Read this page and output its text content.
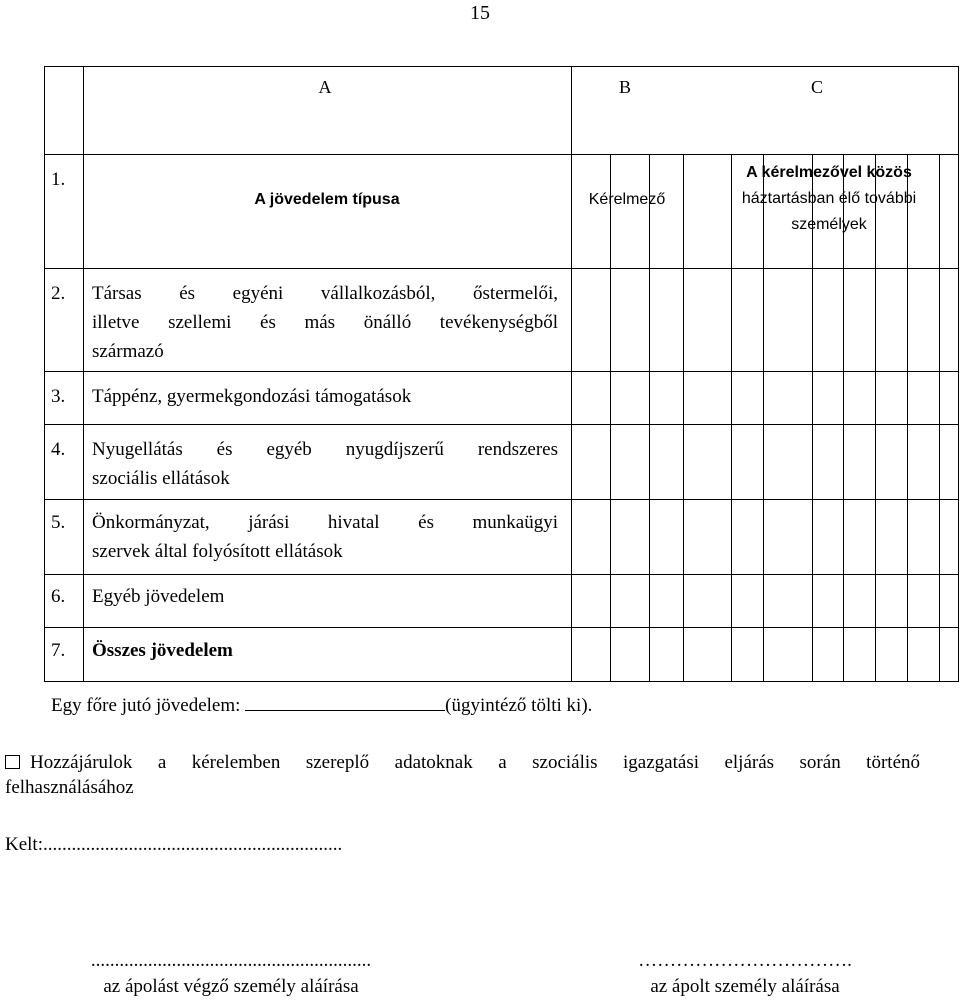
15
A	B	C
1.
A jövedelem típusa	Kérelmező
A kérelmezővel közös
háztartásban élő további
személyek
2. Társas és egyéni vállalkozásból, őstermelői,
illetve szellemi és más önálló tevékenységből
származó
3. Táppénz, gyermekgondozási támogatások
4. Nyugellátás és egyéb nyugdíjszerű rendszeres
szociális ellátások
5. Önkormányzat, járási hivatal és munkaügyi
szervek által folyósított ellátások
6. Egyéb jövedelem
7. Összes jövedelem
Egy főre jutó jövedelem:	(ügyintéző tölti ki).
Hozzájárulok a kérelemben szereplő adatoknak a szociális igazgatási eljárás során történő
felhasználásához
Kelt:...............................................................
...........................................................
az ápolást végző személy aláírása
…………………………….
az ápolt személy aláírása
